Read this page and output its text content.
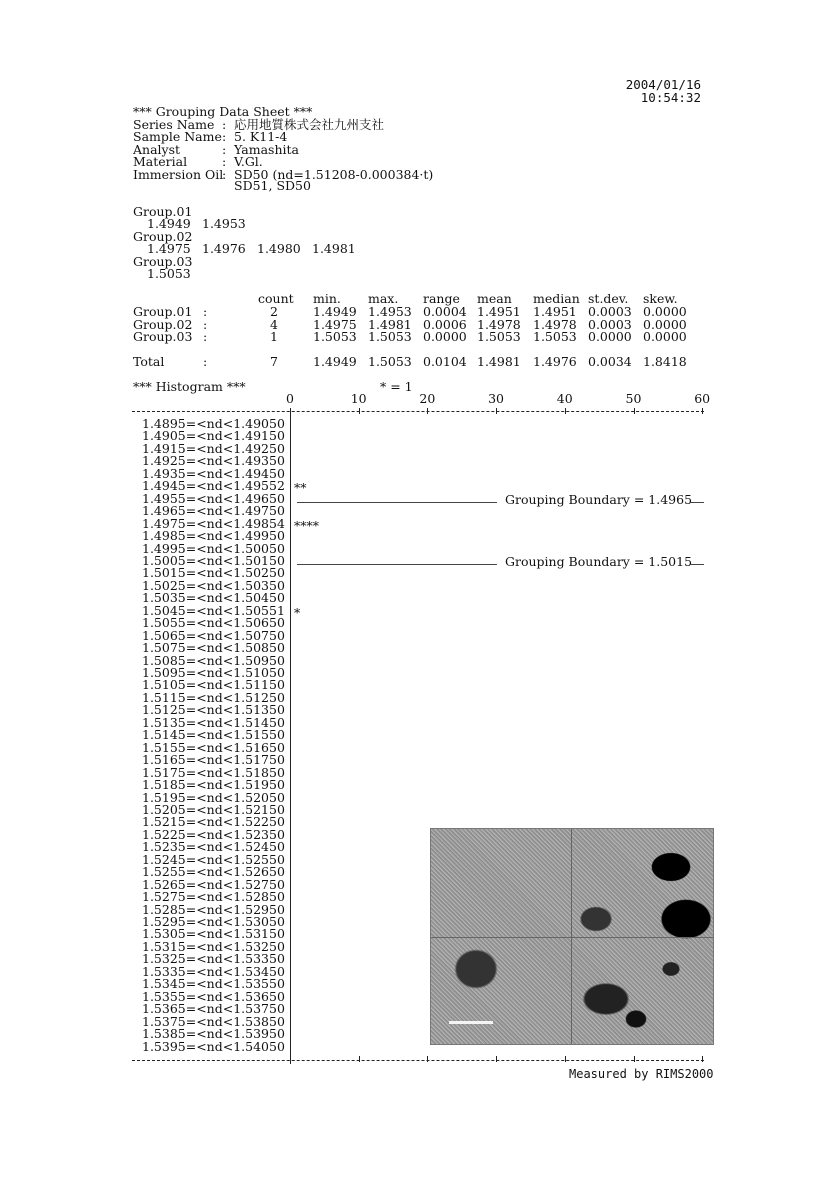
2004/01/16
10:54:32
*** Grouping Data Sheet ***
Series Name : 応用地質株式会社九州支社
Sample Name : 5. K11-4
Analyst	: Yamashita
Material	: V.Gl.
Immersion Oil
: SD50 (nd=1.51208-0.000384·t)
SD51, SD50
Group.01
1.4949 1.4953
Group.02
1.4975 1.4976 1.4980 1.4981
Group.03
1.5053
count min. max. range mean median st.dev. skew.
Group.01 :	2	1.4949 1.4953 0.0004 1.4951 1.4951 0.0003 0.0000
Group.02 :	4	1.4975 1.4981 0.0006 1.4978 1.4978 0.0003 0.0000
Group.03 :	1	1.5053 1.5053 0.0000 1.5053 1.5053 0.0000 0.0000
Total	:	7	1.4949 1.5053 0.0104 1.4981 1.4976 0.0034 1.8418
*** Histogram ***	* = 1
0	10	20	30	40	50	60
1.4895=<nd<1.4905 0
1.4905=<nd<1.4915 0
1.4915=<nd<1.4925 0
1.4925=<nd<1.4935 0
1.4935=<nd<1.4945 0
1.4945=<nd<1.4955 2 **
1.4955=<nd<1.4965 0
1.4965=<nd<1.4975 0
1.4975=<nd<1.4985 4 ****
1.4985=<nd<1.4995 0
1.4995=<nd<1.5005 0
1.5005=<nd<1.5015 0
1.5015=<nd<1.5025 0
1.5025=<nd<1.5035 0
1.5035=<nd<1.5045 0
1.5045=<nd<1.5055 1 *
1.5055=<nd<1.5065 0
1.5065=<nd<1.5075 0
1.5075=<nd<1.5085 0
1.5085=<nd<1.5095 0
1.5095=<nd<1.5105 0
1.5105=<nd<1.5115 0
1.5115=<nd<1.5125 0
1.5125=<nd<1.5135 0
1.5135=<nd<1.5145 0
1.5145=<nd<1.5155 0
1.5155=<nd<1.5165 0
1.5165=<nd<1.5175 0
1.5175=<nd<1.5185 0
1.5185=<nd<1.5195 0
1.5195=<nd<1.5205 0
1.5205=<nd<1.5215 0
1.5215=<nd<1.5225 0
1.5225=<nd<1.5235 0
1.5235=<nd<1.5245 0
1.5245=<nd<1.5255 0
1.5255=<nd<1.5265 0
1.5265=<nd<1.5275 0
1.5275=<nd<1.5285 0
1.5285=<nd<1.5295 0
1.5295=<nd<1.5305 0
1.5305=<nd<1.5315 0
1.5315=<nd<1.5325 0
1.5325=<nd<1.5335 0
1.5335=<nd<1.5345 0
1.5345=<nd<1.5355 0
1.5355=<nd<1.5365 0
1.5365=<nd<1.5375 0
1.5375=<nd<1.5385 0
1.5385=<nd<1.5395 0
1.5395=<nd<1.5405 0
Grouping Boundary = 1.4965
Grouping Boundary = 1.5015
Measured by RIMS2000
